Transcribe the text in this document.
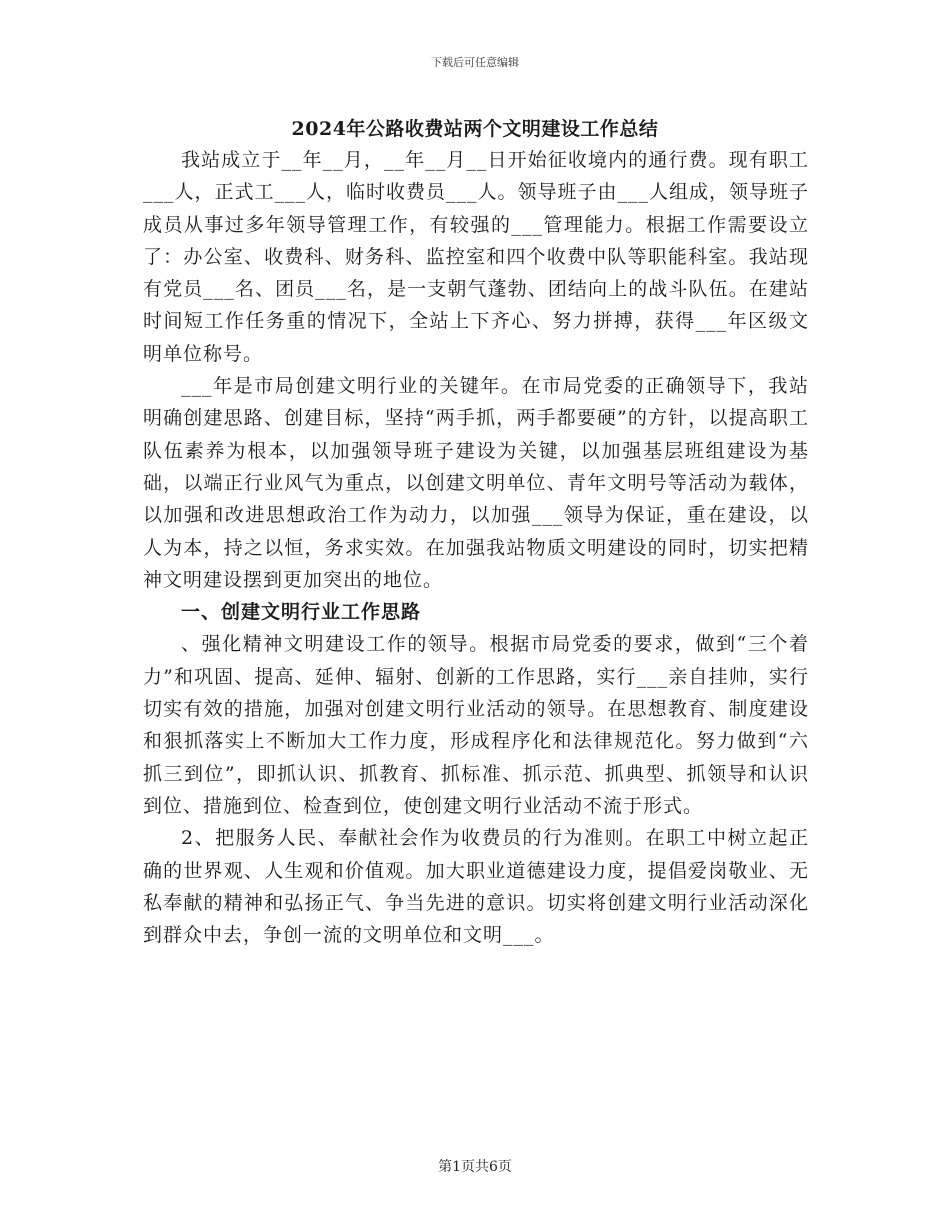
下载后可任意编辑
2024年公路收费站两个文明建设工作总结

我站成立于__年__月，__年__月__日开始征收境内的通行费。现有职工___人，正式工___人，临时收费员___人。领导班子由___人组成，领导班子成员从事过多年领导管理工作，有较强的___管理能力。根据工作需要设立了：办公室、收费科、财务科、监控室和四个收费中队等职能科室。我站现有党员___名、团员___名，是一支朝气蓬勃、团结向上的战斗队伍。在建站时间短工作任务重的情况下，全站上下齐心、努力拼搏，获得___年区级文明单位称号。

___年是市局创建文明行业的关键年。在市局党委的正确领导下，我站明确创建思路、创建目标，坚持“两手抓，两手都要硬”的方针，以提高职工队伍素养为根本，以加强领导班子建设为关键，以加强基层班组建设为基础，以端正行业风气为重点，以创建文明单位、青年文明号等活动为载体，以加强和改进思想政治工作为动力，以加强___领导为保证，重在建设，以人为本，持之以恒，务求实效。在加强我站物质文明建设的同时，切实把精神文明建设摆到更加突出的地位。

一、创建文明行业工作思路

、强化精神文明建设工作的领导。根据市局党委的要求，做到“三个着力”和巩固、提高、延伸、辐射、创新的工作思路，实行___亲自挂帅，实行切实有效的措施，加强对创建文明行业活动的领导。在思想教育、制度建设和狠抓落实上不断加大工作力度，形成程序化和法律规范化。努力做到“六抓三到位”，即抓认识、抓教育、抓标准、抓示范、抓典型、抓领导和认识到位、措施到位、检查到位，使创建文明行业活动不流于形式。

2、把服务人民、奉献社会作为收费员的行为准则。在职工中树立起正确的世界观、人生观和价值观。加大职业道德建设力度，提倡爱岗敬业、无私奉献的精神和弘扬正气、争当先进的意识。切实将创建文明行业活动深化到群众中去，争创一流的文明单位和文明___。

第1页共6页
